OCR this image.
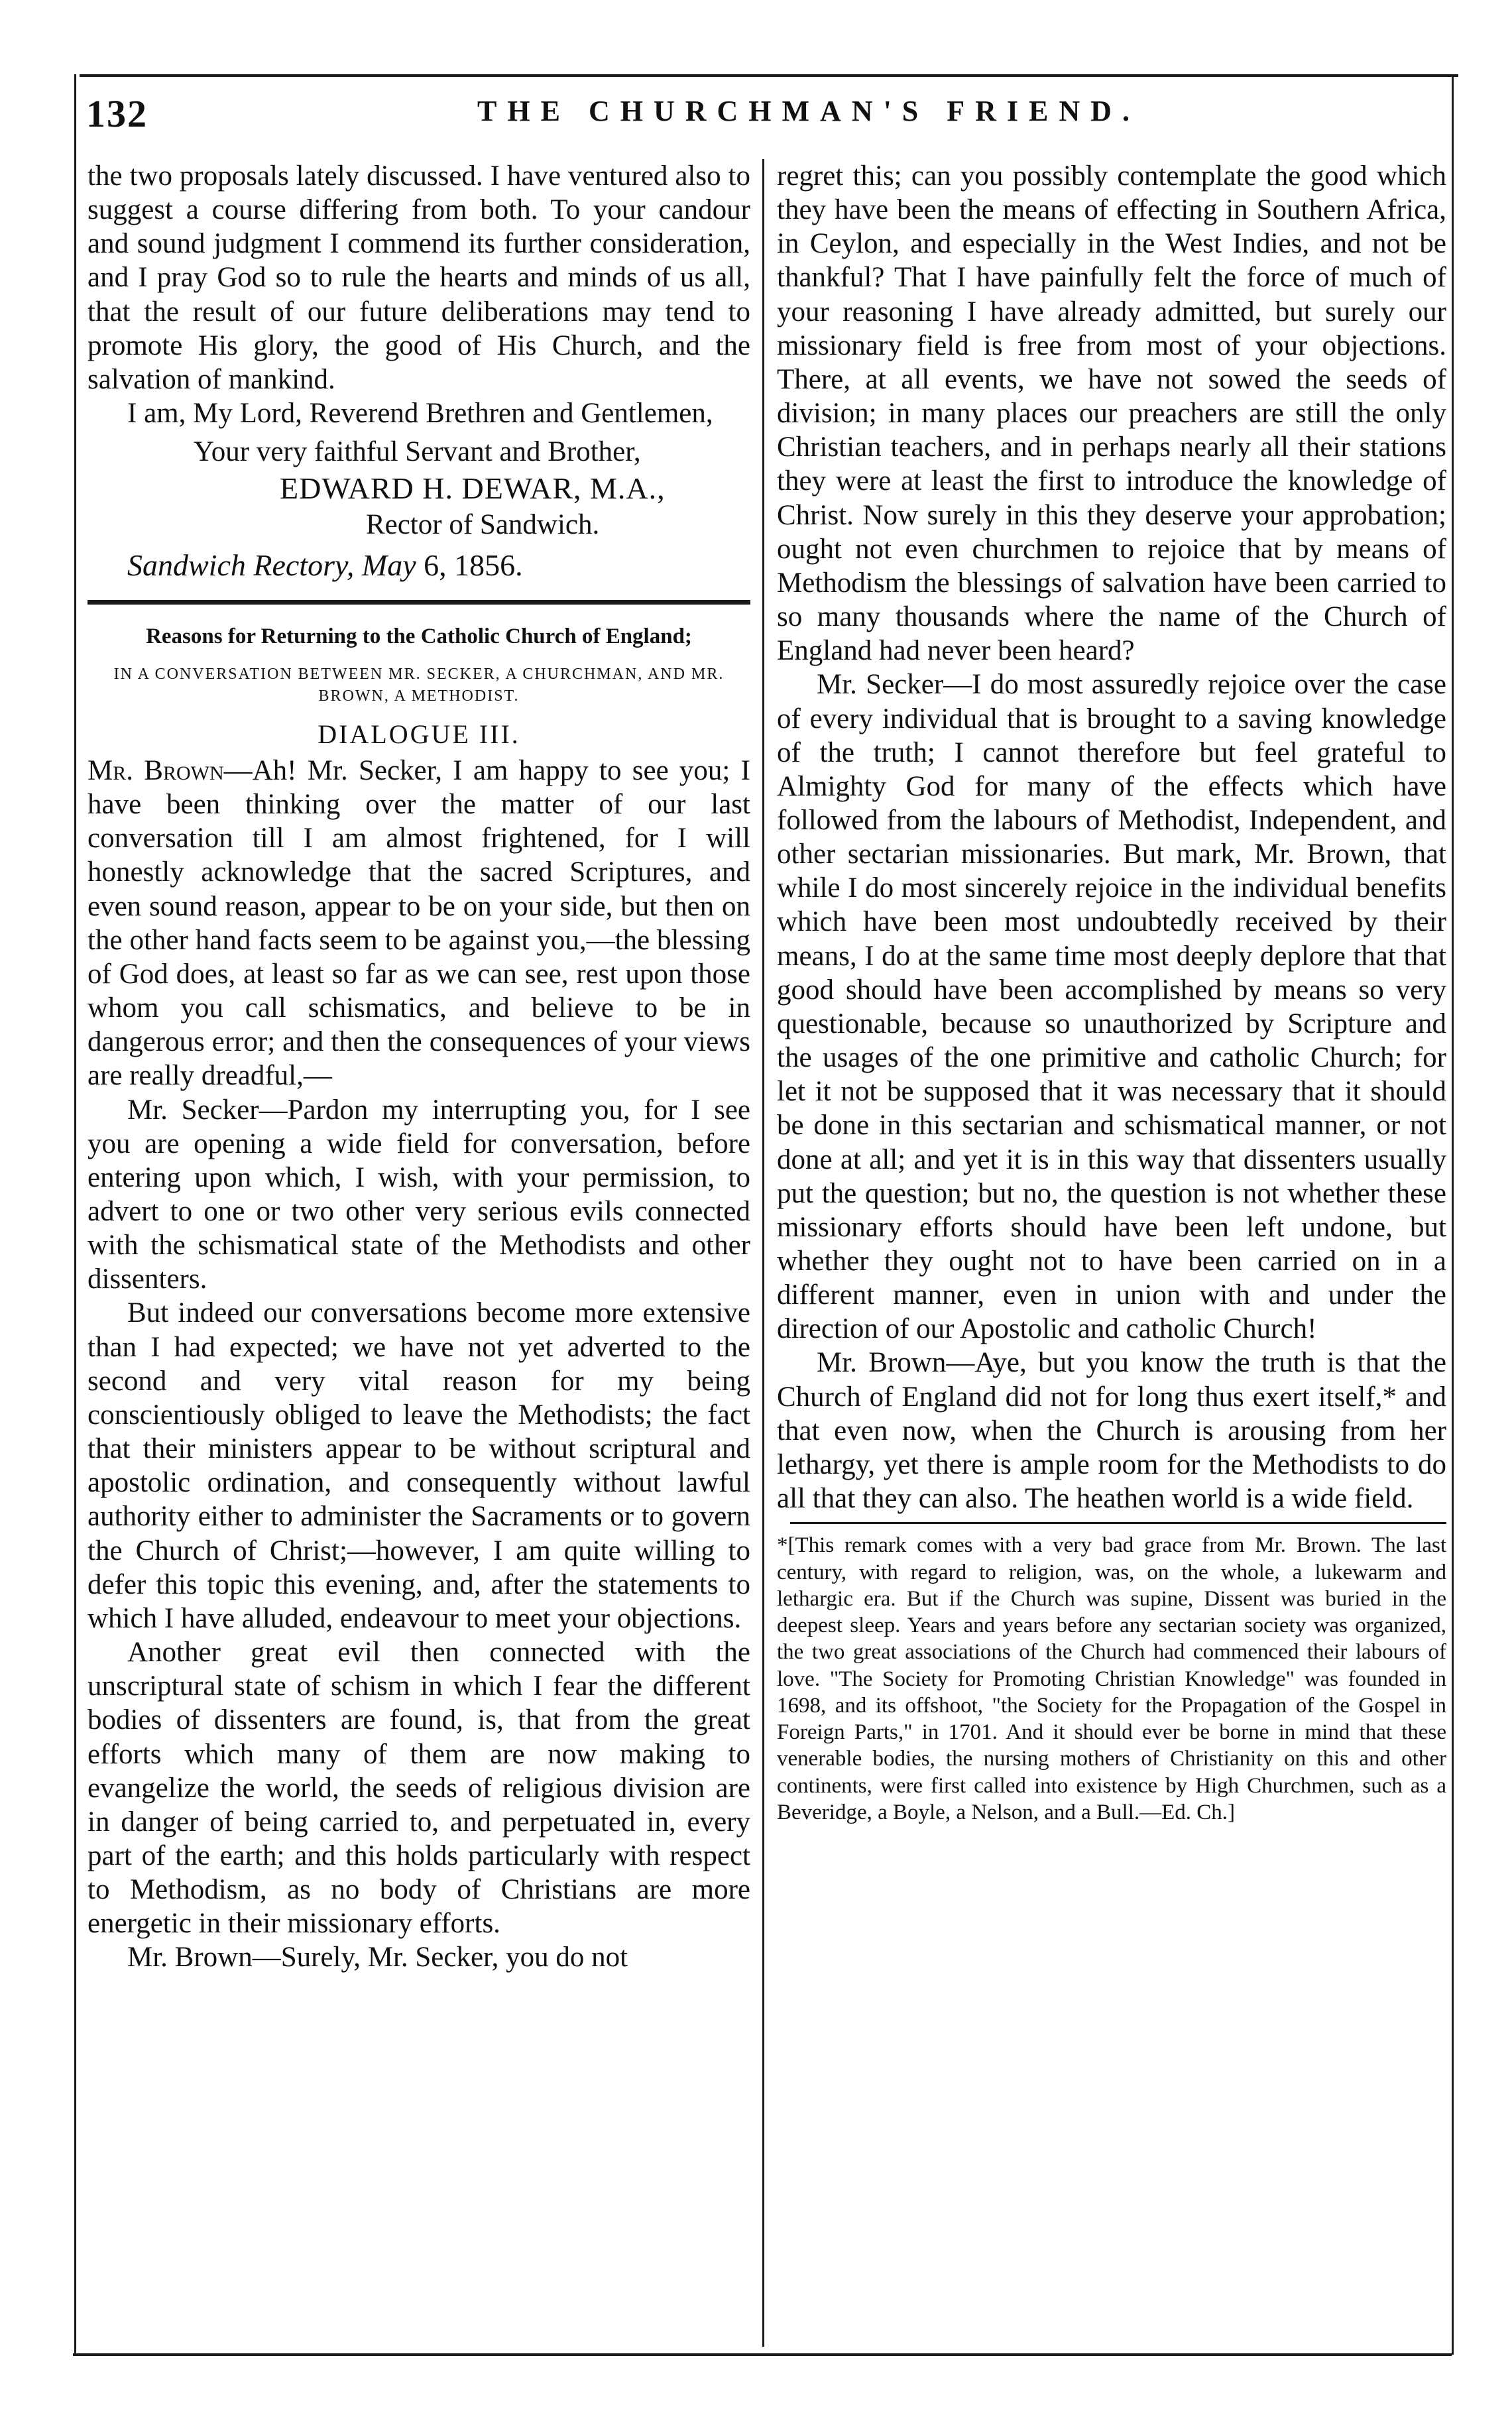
132	THE CHURCHMAN'S FRIEND.

the two proposals lately discussed. I have ventured also to suggest a course differing from both. To your candour and sound judgment I commend its further consideration, and I pray God so to rule the hearts and minds of us all, that the result of our future deliberations may tend to promote His glory, the good of His Church, and the salvation of mankind.

I am, My Lord, Reverend Brethren and Gentlemen,

Your very faithful Servant and Brother,

EDWARD H. DEWAR, M.A.,

Rector of Sandwich.

Sandwich Rectory, May 6, 1856.

Reasons for Returning to the Catholic Church of England;

IN A CONVERSATION BETWEEN MR. SECKER, A CHURCHMAN, AND MR. BROWN, A METHODIST.

DIALOGUE III.

Mr. Brown—Ah! Mr. Secker, I am happy to see you; I have been thinking over the matter of our last conversation till I am almost frightened, for I will honestly acknowledge that the sacred Scriptures, and even sound reason, appear to be on your side, but then on the other hand facts seem to be against you,—the blessing of God does, at least so far as we can see, rest upon those whom you call schismatics, and believe to be in dangerous error; and then the consequences of your views are really dreadful,—

Mr. Secker—Pardon my interrupting you, for I see you are opening a wide field for conversation, before entering upon which, I wish, with your permission, to advert to one or two other very serious evils connected with the schismatical state of the Methodists and other dissenters.

But indeed our conversations become more extensive than I had expected; we have not yet adverted to the second and very vital reason for my being conscientiously obliged to leave the Methodists; the fact that their ministers appear to be without scriptural and apostolic ordination, and consequently without lawful authority either to administer the Sacraments or to govern the Church of Christ;—however, I am quite willing to defer this topic this evening, and, after the statements to which I have alluded, endeavour to meet your objections.

Another great evil then connected with the unscriptural state of schism in which I fear the different bodies of dissenters are found, is, that from the great efforts which many of them are now making to evangelize the world, the seeds of religious division are in danger of being carried to, and perpetuated in, every part of the earth; and this holds particularly with respect to Methodism, as no body of Christians are more energetic in their missionary efforts.

Mr. Brown—Surely, Mr. Secker, you do not

regret this; can you possibly contemplate the good which they have been the means of effecting in Southern Africa, in Ceylon, and especially in the West Indies, and not be thankful? That I have painfully felt the force of much of your reasoning I have already admitted, but surely our missionary field is free from most of your objections. There, at all events, we have not sowed the seeds of division; in many places our preachers are still the only Christian teachers, and in perhaps nearly all their stations they were at least the first to introduce the knowledge of Christ. Now surely in this they deserve your approbation; ought not even churchmen to rejoice that by means of Methodism the blessings of salvation have been carried to so many thousands where the name of the Church of England had never been heard?

Mr. Secker—I do most assuredly rejoice over the case of every individual that is brought to a saving knowledge of the truth; I cannot therefore but feel grateful to Almighty God for many of the effects which have followed from the labours of Methodist, Independent, and other sectarian missionaries. But mark, Mr. Brown, that while I do most sincerely rejoice in the individual benefits which have been most undoubtedly received by their means, I do at the same time most deeply deplore that that good should have been accomplished by means so very questionable, because so unauthorized by Scripture and the usages of the one primitive and catholic Church; for let it not be supposed that it was necessary that it should be done in this sectarian and schismatical manner, or not done at all; and yet it is in this way that dissenters usually put the question; but no, the question is not whether these missionary efforts should have been left undone, but whether they ought not to have been carried on in a different manner, even in union with and under the direction of our Apostolic and catholic Church!

Mr. Brown—Aye, but you know the truth is that the Church of England did not for long thus exert itself,* and that even now, when the Church is arousing from her lethargy, yet there is ample room for the Methodists to do all that they can also. The heathen world is a wide field.

*[This remark comes with a very bad grace from Mr. Brown. The last century, with regard to religion, was, on the whole, a lukewarm and lethargic era. But if the Church was supine, Dissent was buried in the deepest sleep. Years and years before any sectarian society was organized, the two great associations of the Church had commenced their labours of love. "The Society for Promoting Christian Knowledge" was founded in 1698, and its offshoot, "the Society for the Propagation of the Gospel in Foreign Parts," in 1701. And it should ever be borne in mind that these venerable bodies, the nursing mothers of Christianity on this and other continents, were first called into existence by High Churchmen, such as a Beveridge, a Boyle, a Nelson, and a Bull.—Ed. Ch.]
